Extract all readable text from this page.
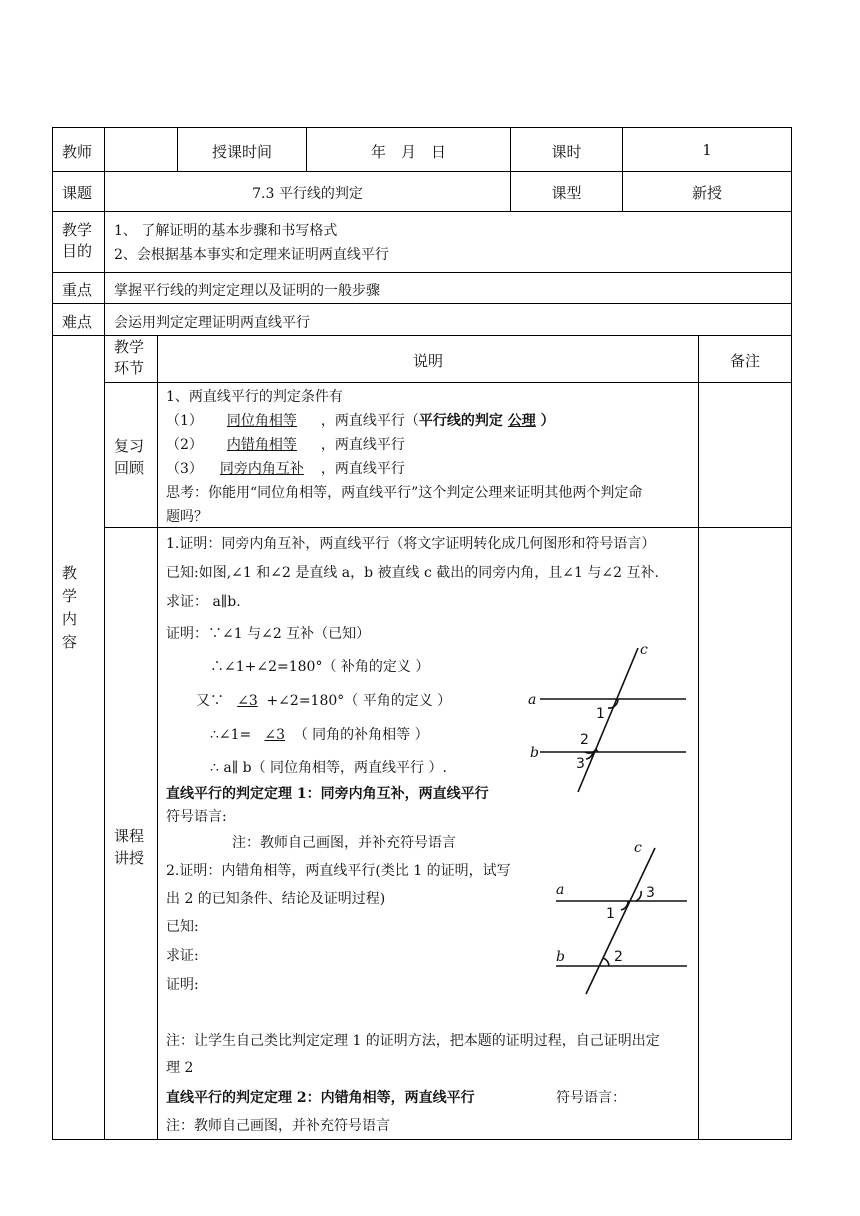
教师	授课时间	年　月　日	课时	1
课题	7.3 平行线的判定	课型	新授
教学目的
1、 了解证明的基本步骤和书写格式
2、会根据基本事实和定理来证明两直线平行
重点 掌握平行线的判定定理以及证明的一般步骤
难点 会运用判定定理证明两直线平行
教学环节	说明	备注
教学内容
复习回顾
1、两直线平行的判定条件有
（1） 同位角相等 ，两直线平行（平行线的判定 公理 ）
（2） 内错角相等 ，两直线平行
（3） 同旁内角互补 ，两直线平行
思考：你能用“同位角相等，两直线平行”这个判定公理来证明其他两个判定命
题吗？
课程讲授
1.证明：同旁内角互补，两直线平行（将文字证明转化成几何图形和符号语言）
已知:如图,∠1 和∠2 是直线 a，b 被直线 c 截出的同旁内角，且∠1 与∠2 互补.
求证： a∥b.
证明：∵∠1 与∠2 互补（已知）
∴∠1+∠2=180°（ 补角的定义 ）
又∵ ∠3+∠2=180°（ 平角的定义 ）
∴∠1= ∠3（ 同角的补角相等 ）
∴ a∥ b（ 同位角相等，两直线平行 ）.
直线平行的判定定理 1：同旁内角互补，两直线平行
符号语言:
注：教师自己画图，并补充符号语言
2.证明：内错角相等，两直线平行(类比 1 的证明，试写
出 2 的已知条件、结论及证明过程)
已知:
求证:
证明:
注：让学生自己类比判定定理 1 的证明方法，把本题的证明过程，自己证明出定
理 2
直线平行的判定定理 2：内错角相等，两直线平行	符号语言：
注：教师自己画图，并补充符号语言
a
b
c
1
2
3
a
b
c
1
2
3
